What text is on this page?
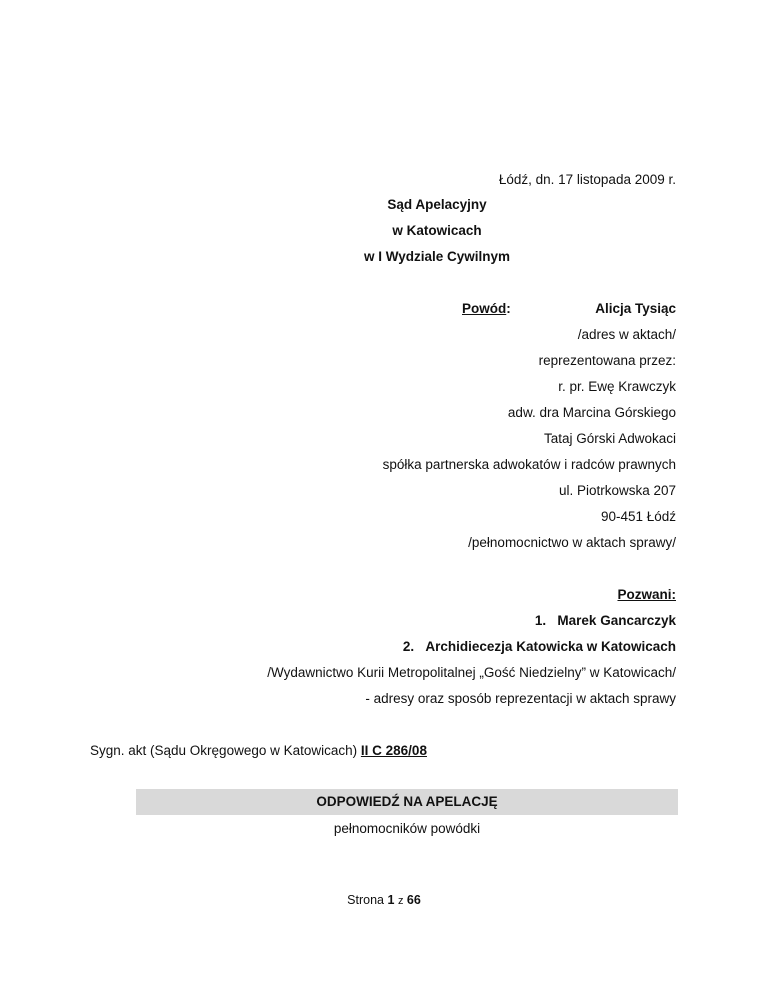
Łódź, dn. 17 listopada 2009 r.
Sąd Apelacyjny
w Katowicach
w I Wydziale Cywilnym
Powód:	Alicja Tysiąc
/adres w aktach/
reprezentowana przez:
r. pr. Ewę Krawczyk
adw. dra Marcina Górskiego
Tataj Górski Adwokaci
spółka partnerska adwokatów i radców prawnych
ul. Piotrkowska 207
90-451 Łódź
/pełnomocnictwo w aktach sprawy/
Pozwani:
1. Marek Gancarczyk
2. Archidiecezja Katowicka w Katowicach
/Wydawnictwo Kurii Metropolitalnej „Gość Niedzielny” w Katowicach/
- adresy oraz sposób reprezentacji w aktach sprawy
Sygn. akt (Sądu Okręgowego w Katowicach) II C 286/08
ODPOWIEDŹ NA APELACJĘ
pełnomocników powódki
Strona 1 z 66
